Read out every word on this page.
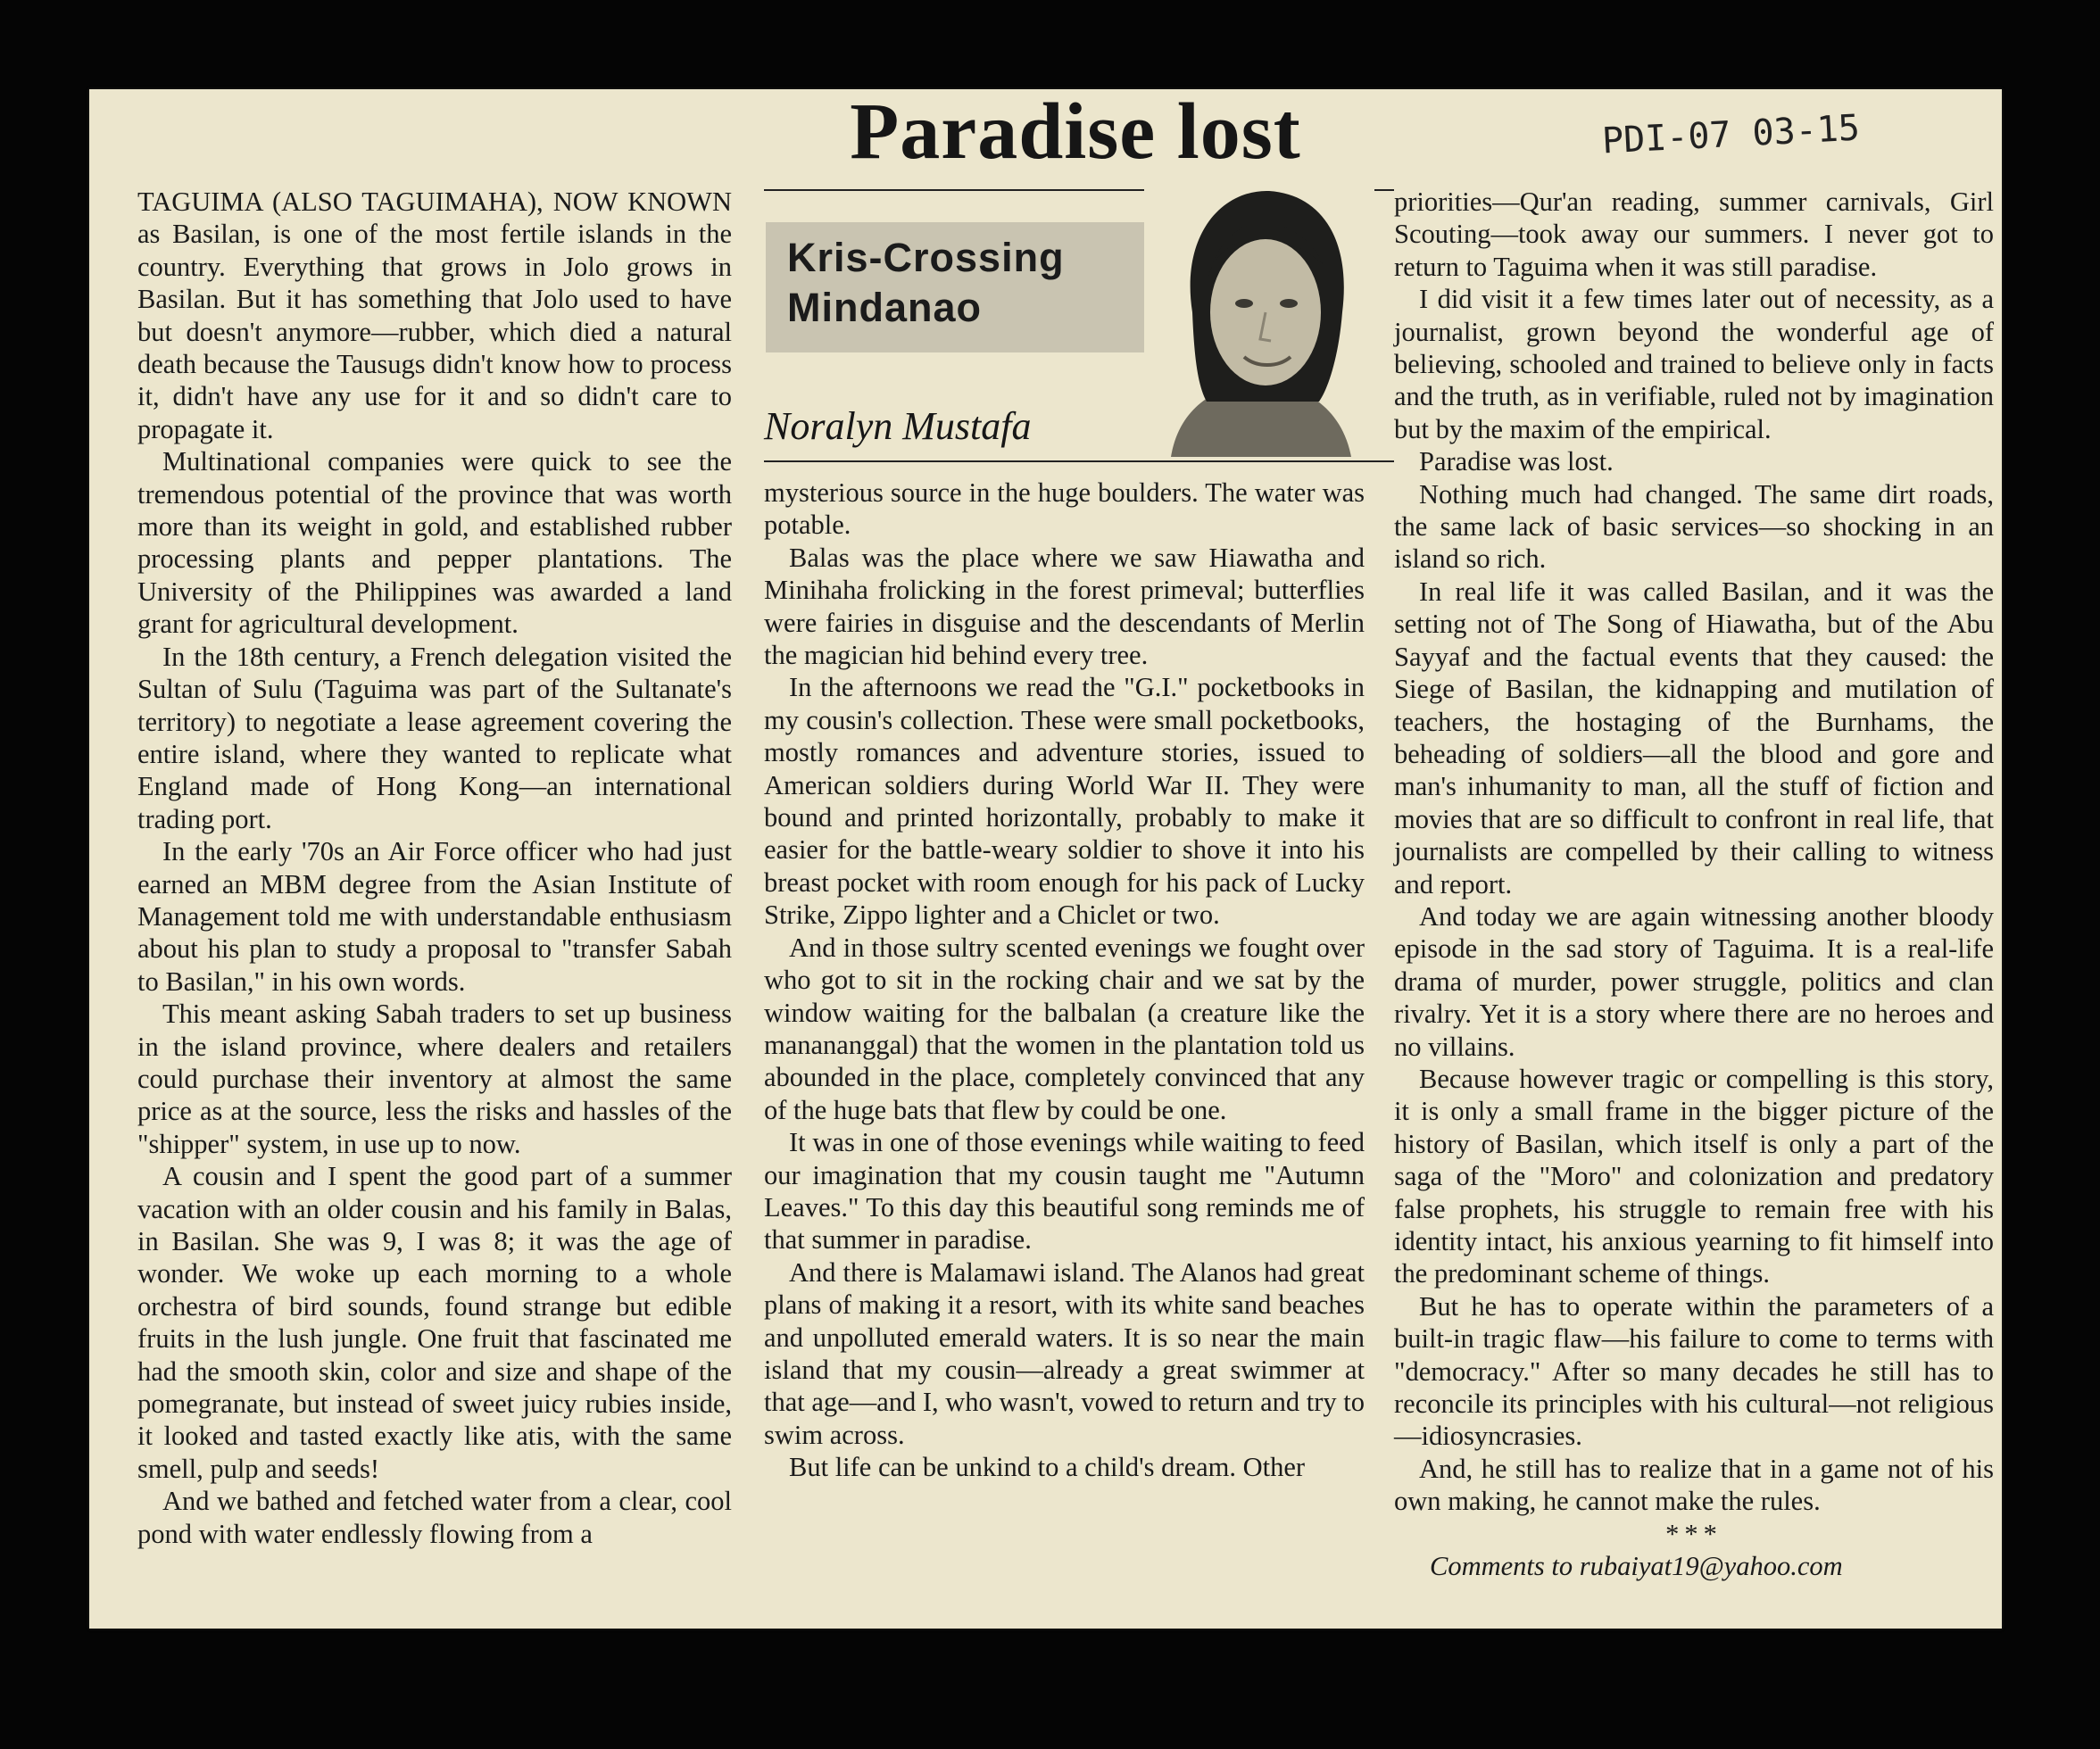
Paradise lost	PDI-07 03-15
Kris-Crossing
Mindanao
Noralyn Mustafa

TAGUIMA (ALSO TAGUIMAHA), NOW KNOWN as Basilan, is one of the most fertile islands in the country. Everything that grows in Jolo grows in Basilan. But it has something that Jolo used to have but doesn't anymore—rubber, which died a natural death because the Tausugs didn't know how to process it, didn't have any use for it and so didn't care to propagate it.

Multinational companies were quick to see the tremendous potential of the province that was worth more than its weight in gold, and established rubber processing plants and pepper plantations. The University of the Philippines was awarded a land grant for agricultural development.

In the 18th century, a French delegation visited the Sultan of Sulu (Taguima was part of the Sultanate's territory) to negotiate a lease agreement covering the entire island, where they wanted to replicate what England made of Hong Kong—an international trading port.

In the early '70s an Air Force officer who had just earned an MBM degree from the Asian Institute of Management told me with understandable enthusiasm about his plan to study a proposal to "transfer Sabah to Basilan," in his own words.

This meant asking Sabah traders to set up business in the island province, where dealers and retailers could purchase their inventory at almost the same price as at the source, less the risks and hassles of the "shipper" system, in use up to now.

A cousin and I spent the good part of a summer vacation with an older cousin and his family in Balas, in Basilan. She was 9, I was 8; it was the age of wonder. We woke up each morning to a whole orchestra of bird sounds, found strange but edible fruits in the lush jungle. One fruit that fascinated me had the smooth skin, color and size and shape of the pomegranate, but instead of sweet juicy rubies inside, it looked and tasted exactly like atis, with the same smell, pulp and seeds!

And we bathed and fetched water from a clear, cool pond with water endlessly flowing from a

mysterious source in the huge boulders. The water was potable.

Balas was the place where we saw Hiawatha and Minihaha frolicking in the forest primeval; butterflies were fairies in disguise and the descendants of Merlin the magician hid behind every tree.

In the afternoons we read the "G.I." pocketbooks in my cousin's collection. These were small pocketbooks, mostly romances and adventure stories, issued to American soldiers during World War II. They were bound and printed horizontally, probably to make it easier for the battle-weary soldier to shove it into his breast pocket with room enough for his pack of Lucky Strike, Zippo lighter and a Chiclet or two.

And in those sultry scented evenings we fought over who got to sit in the rocking chair and we sat by the window waiting for the balbalan (a creature like the manananggal) that the women in the plantation told us abounded in the place, completely convinced that any of the huge bats that flew by could be one.

It was in one of those evenings while waiting to feed our imagination that my cousin taught me "Autumn Leaves." To this day this beautiful song reminds me of that summer in paradise.

And there is Malamawi island. The Alanos had great plans of making it a resort, with its white sand beaches and unpolluted emerald waters. It is so near the main island that my cousin—already a great swimmer at that age—and I, who wasn't, vowed to return and try to swim across.

But life can be unkind to a child's dream. Other

priorities—Qur'an reading, summer carnivals, Girl Scouting—took away our summers. I never got to return to Taguima when it was still paradise.

I did visit it a few times later out of necessity, as a journalist, grown beyond the wonderful age of believing, schooled and trained to believe only in facts and the truth, as in verifiable, ruled not by imagination but by the maxim of the empirical.

Paradise was lost.

Nothing much had changed. The same dirt roads, the same lack of basic services—so shocking in an island so rich.

In real life it was called Basilan, and it was the setting not of The Song of Hiawatha, but of the Abu Sayyaf and the factual events that they caused: the Siege of Basilan, the kidnapping and mutilation of teachers, the hostaging of the Burnhams, the beheading of soldiers—all the blood and gore and man's inhumanity to man, all the stuff of fiction and movies that are so difficult to confront in real life, that journalists are compelled by their calling to witness and report.

And today we are again witnessing another bloody episode in the sad story of Taguima. It is a real-life drama of murder, power struggle, politics and clan rivalry. Yet it is a story where there are no heroes and no villains.

Because however tragic or compelling is this story, it is only a small frame in the bigger picture of the history of Basilan, which itself is only a part of the saga of the "Moro" and colonization and predatory false prophets, his struggle to remain free with his identity intact, his anxious yearning to fit himself into the predominant scheme of things.

But he has to operate within the parameters of a built-in tragic flaw—his failure to come to terms with "democracy." After so many decades he still has to reconcile its principles with his cultural—not religious—idiosyncrasies.

And, he still has to realize that in a game not of his own making, he cannot make the rules.

***

Comments to rubaiyat19@yahoo.com
